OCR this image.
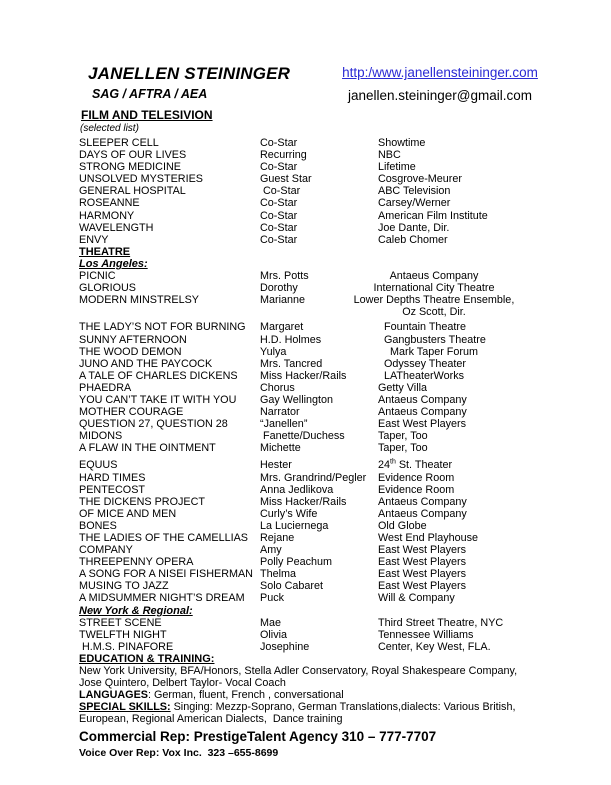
JANELLEN STEININGER	http:/www.janellensteininger.com
SAG / AFTRA / AEA	janellen.steininger@gmail.com
FILM AND TELESIVION
(selected list)
SLEEPER CELL	Co-Star	Showtime
DAYS OF OUR LIVES	Recurring	NBC
STRONG MEDICINE	Co-Star	Lifetime
UNSOLVED MYSTERIES	Guest Star	Cosgrove-Meurer
GENERAL HOSPITAL	Co-Star	ABC Television
ROSEANNE	Co-Star	Carsey/Werner
HARMONY	Co-Star	American Film Institute
WAVELENGTH	Co-Star	Joe Dante, Dir.
ENVY	Co-Star	Caleb Chomer
THEATRE
Los Angeles:
PICNIC	Mrs. Potts	Antaeus Company
GLORIOUS	Dorothy	International City Theatre
MODERN MINSTRELSY	Marianne	Lower Depths Theatre Ensemble,
Oz Scott, Dir.
THE LADY’S NOT FOR BURNING	Margaret	Fountain Theatre
SUNNY AFTERNOON	H.D. Holmes	Gangbusters Theatre
THE WOOD DEMON	Yulya	Mark Taper Forum
JUNO AND THE PAYCOCK	Mrs. Tancred	Odyssey Theater
A TALE OF CHARLES DICKENS	Miss Hacker/Rails	LATheaterWorks
PHAEDRA	Chorus	Getty Villa
YOU CAN’T TAKE IT WITH YOU	Gay Wellington	Antaeus Company
MOTHER COURAGE	Narrator	Antaeus Company
QUESTION 27, QUESTION 28	“Janellen”	East West Players
MIDONS	Fanette/Duchess	Taper, Too
A FLAW IN THE OINTMENT	Michette	Taper, Too
EQUUS	Hester	24th St. Theater
HARD TIMES	Mrs. Grandrind/Pegler	Evidence Room
PENTECOST	Anna Jedlikova	Evidence Room
THE DICKENS PROJECT	Miss Hacker/Rails	Antaeus Company
OF MICE AND MEN	Curly’s Wife	Antaeus Company
BONES	La Luciernega	Old Globe
THE LADIES OF THE CAMELLIAS	Rejane	West End Playhouse
COMPANY	Amy	East West Players
THREEPENNY OPERA	Polly Peachum	East West Players
A SONG FOR A NISEI FISHERMAN Thelma	East West Players
MUSING TO JAZZ	Solo Cabaret	East West Players
A MIDSUMMER NIGHT’S DREAM	Puck	Will & Company
New York & Regional:
STREET SCENE	Mae	Third Street Theatre, NYC
TWELFTH NIGHT	Olivia	Tennessee Williams
H.M.S. PINAFORE	Josephine	Center, Key West, FLA.
EDUCATION & TRAINING:
New York University, BFA/Honors, Stella Adler Conservatory, Royal Shakespeare Company,
Jose Quintero, Delbert Taylor- Vocal Coach
LANGUAGES: German, fluent, French , conversational
SPECIAL SKILLS: Singing: Mezzp-Soprano, German Translations,dialects: Various British,
European, Regional American Dialects,  Dance training
Commercial Rep: PrestigeTalent Agency 310 – 777-7707
Voice Over Rep: Vox Inc.  323 –655-8699
